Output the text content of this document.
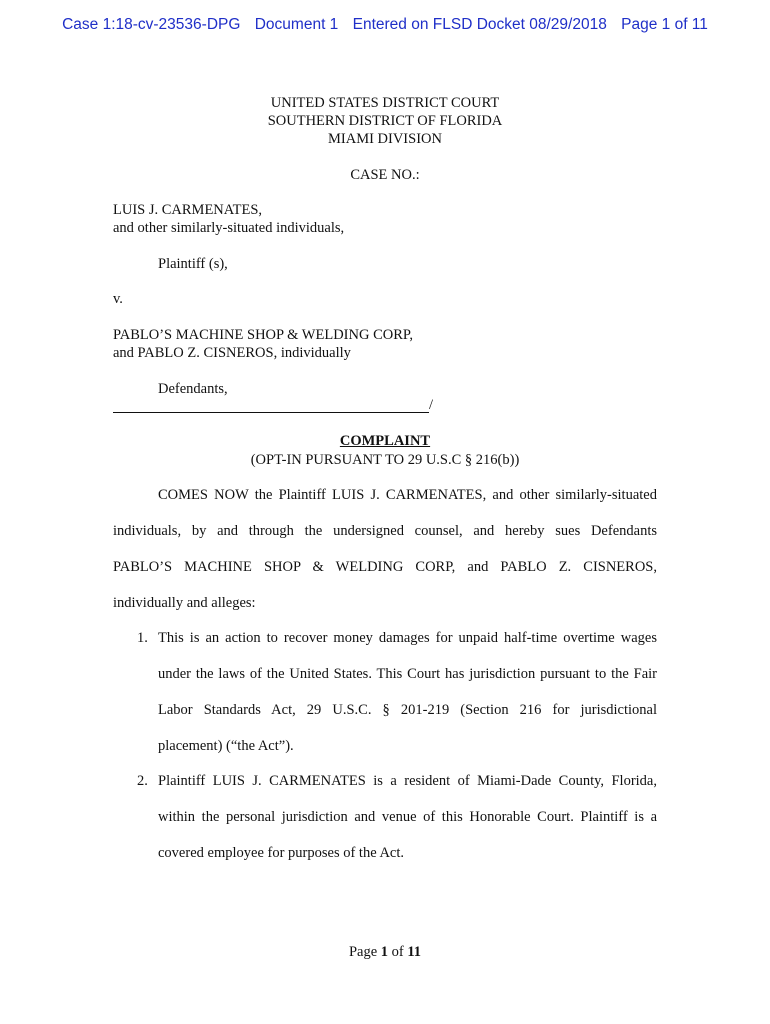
Case 1:18-cv-23536-DPG Document 1 Entered on FLSD Docket 08/29/2018 Page 1 of 11
UNITED STATES DISTRICT COURT
SOUTHERN DISTRICT OF FLORIDA
MIAMI DIVISION
CASE NO.:
LUIS J. CARMENATES,
and other similarly-situated individuals,
Plaintiff (s),
v.
PABLO’S MACHINE SHOP & WELDING CORP,
and PABLO Z. CISNEROS, individually
Defendants,
/
COMPLAINT
(OPT-IN PURSUANT TO 29 U.S.C § 216(b))
COMES NOW the Plaintiff LUIS J. CARMENATES, and other similarly-situated
individuals, by and through the undersigned counsel, and hereby sues Defendants
PABLO’S MACHINE SHOP & WELDING CORP, and PABLO Z. CISNEROS,
individually and alleges:
1. This is an action to recover money damages for unpaid half-time overtime wages
under the laws of the United States. This Court has jurisdiction pursuant to the Fair
Labor Standards Act, 29 U.S.C. § 201-219 (Section 216 for jurisdictional
placement) (“the Act”).
2. Plaintiff LUIS J. CARMENATES is a resident of Miami-Dade County, Florida,
within the personal jurisdiction and venue of this Honorable Court. Plaintiff is a
covered employee for purposes of the Act.
Page 1 of 11
